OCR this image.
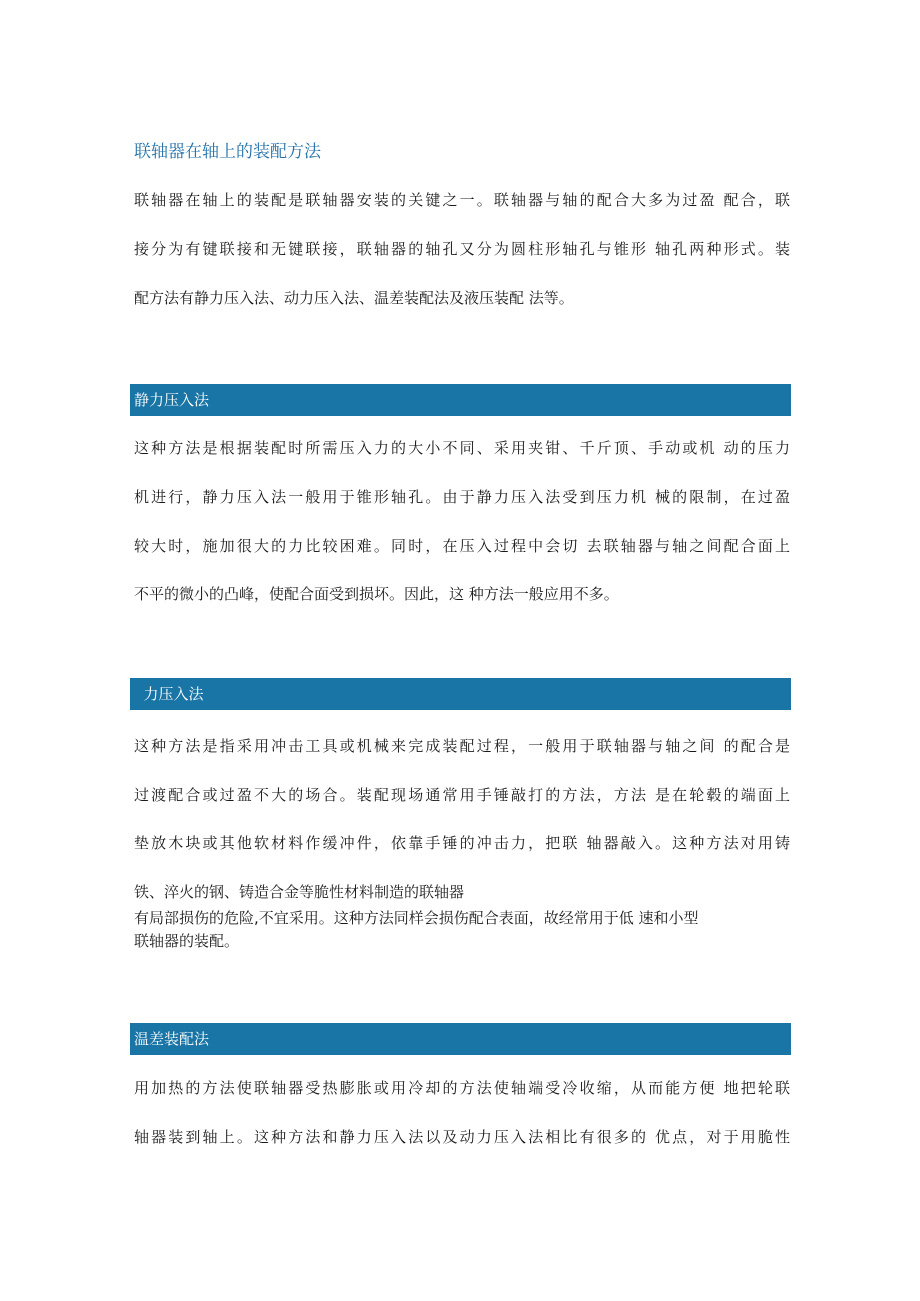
联轴器在轴上的装配方法
联轴器在轴上的装配是联轴器安装的关键之一。联轴器与轴的配合大多为过盈 配合，联
接分为有键联接和无键联接，联轴器的轴孔又分为圆柱形轴孔与锥形 轴孔两种形式。装
配方法有静力压入法、动力压入法、温差装配法及液压装配 法等。
静力压入法
这种方法是根据装配时所需压入力的大小不同、采用夹钳、千斤顶、手动或机 动的压力
机进行，静力压入法一般用于锥形轴孔。由于静力压入法受到压力机 械的限制，在过盈
较大时，施加很大的力比较困难。同时，在压入过程中会切 去联轴器与轴之间配合面上
不平的微小的凸峰，使配合面受到损坏。因此，这 种方法一般应用不多。
力压入法
这种方法是指采用冲击工具或机械来完成装配过程，一般用于联轴器与轴之间 的配合是
过渡配合或过盈不大的场合。装配现场通常用手锤敲打的方法，方法 是在轮毂的端面上
垫放木块或其他软材料作缓冲件，依靠手锤的冲击力，把联 轴器敲入。这种方法对用铸
铁、淬火的钢、铸造合金等脆性材料制造的联轴器
有局部损伤的危险,不宜采用。这种方法同样会损伤配合表面，故经常用于低 速和小型
联轴器的装配。
温差装配法
用加热的方法使联轴器受热膨胀或用冷却的方法使轴端受冷收缩，从而能方便 地把轮联
轴器装到轴上。这种方法和静力压入法以及动力压入法相比有很多的 优点，对于用脆性
